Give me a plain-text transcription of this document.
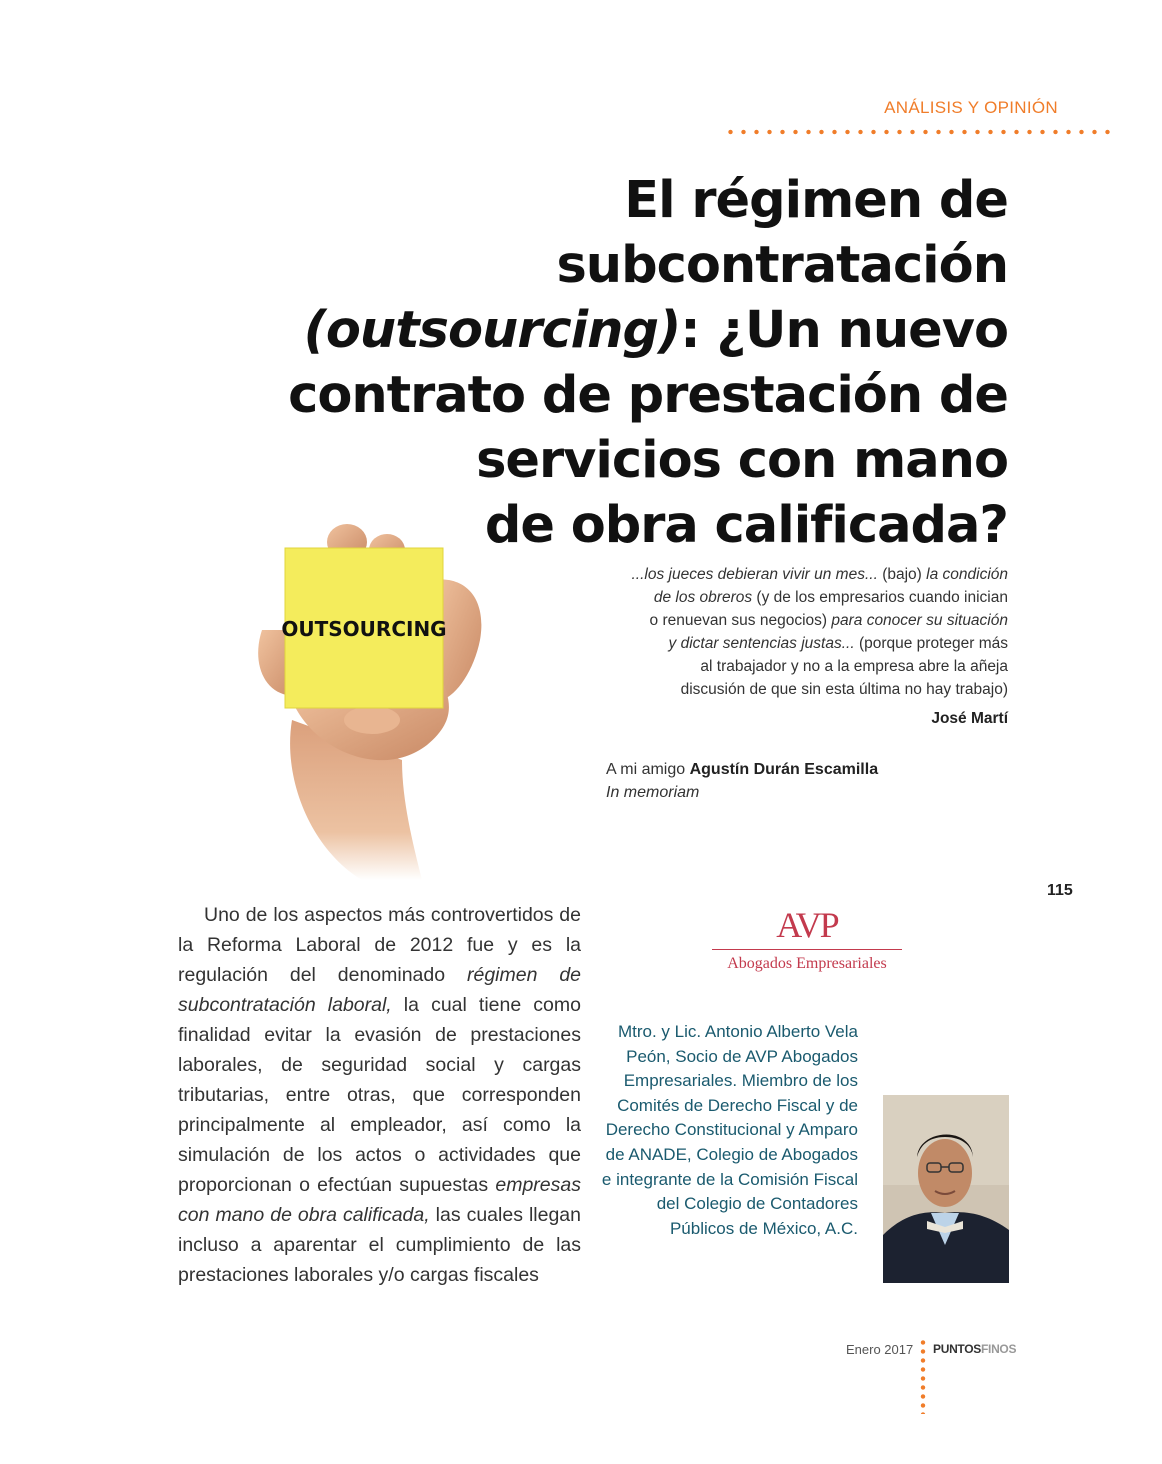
ANÁLISIS Y OPINIÓN
El régimen de subcontratación
(outsourcing): ¿Un nuevo
contrato de prestación de
servicios con mano
de obra calificada?
OUTSOURCING
...los jueces debieran vivir un mes... (bajo) la condición
de los obreros (y de los empresarios cuando inician
o renuevan sus negocios) para conocer su situación
y dictar sentencias justas... (porque proteger más
al trabajador y no a la empresa abre la añeja
discusión de que sin esta última no hay trabajo)
José Martí
A mi amigo Agustín Durán Escamilla
In memoriam
115

Uno de los aspectos más controvertidos de la Reforma Laboral de 2012 fue y es la regulación del denominado régimen de subcontratación laboral, la cual tiene como finalidad evitar la evasión de prestaciones laborales, de seguridad social y cargas tributarias, entre otras, que corresponden principalmente al empleador, así como la simulación de los actos o actividades que proporcionan o efectúan supuestas empresas con mano de obra calificada, las cuales llegan incluso a aparentar el cumplimiento de las prestaciones laborales y/o cargas fiscales

AVP
Abogados Empresariales
Mtro. y Lic. Antonio Alberto Vela Peón, Socio de AVP Abogados Empresariales. Miembro de los Comités de Derecho Fiscal y de Derecho Constitucional y Amparo de ANADE, Colegio de Abogados e integrante de la Comisión Fiscal del Colegio de Contadores Públicos de México, A.C.
Enero 2017 PUNTOSFINOS
